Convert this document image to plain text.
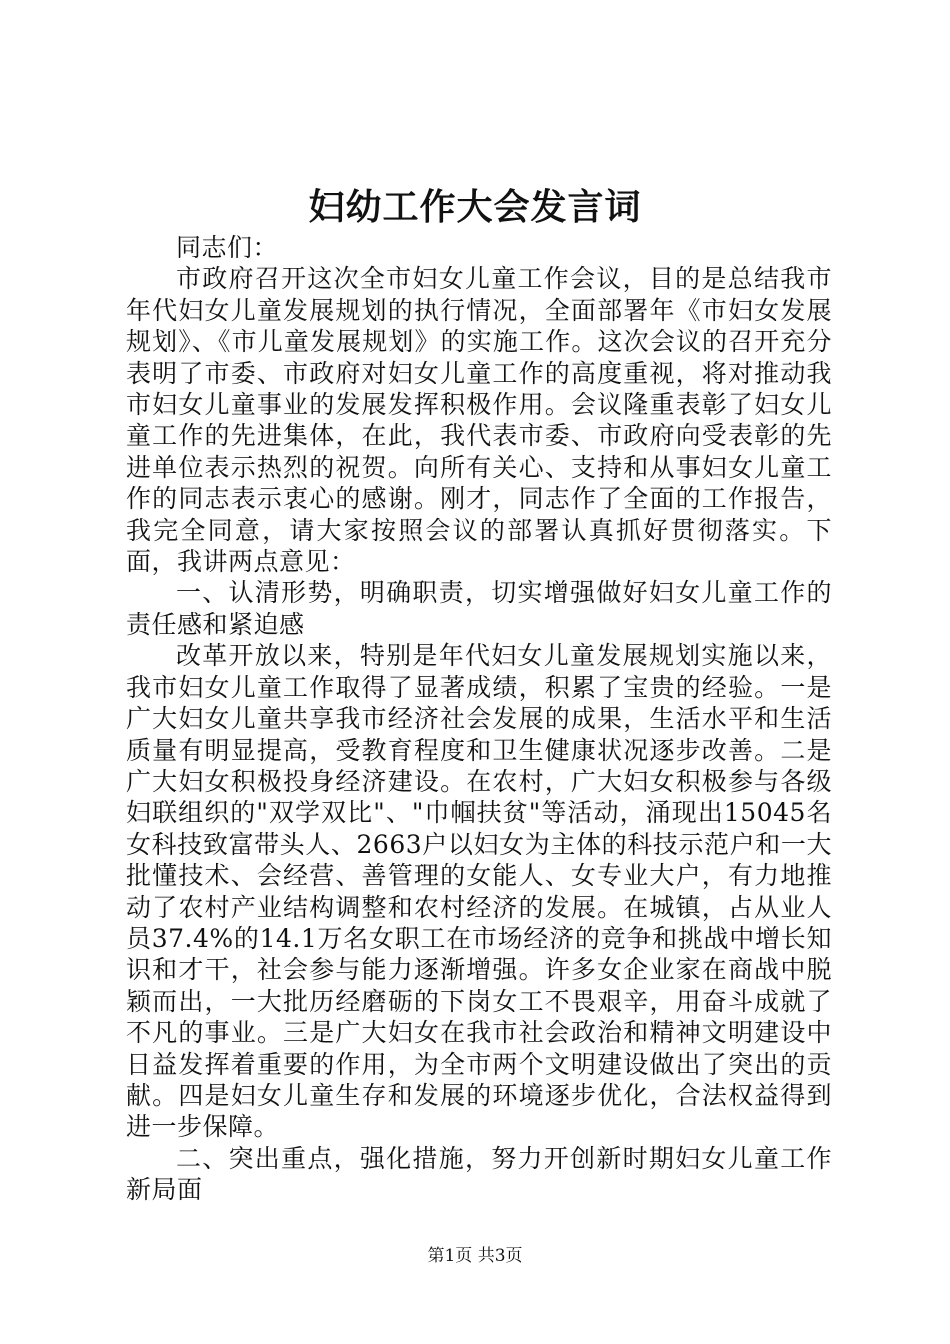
妇幼工作大会发言词

同志们：

市政府召开这次全市妇女儿童工作会议，目的是总结我市年代妇女儿童发展规划的执行情况，全面部署年《市妇女发展规划》、《市儿童发展规划》的实施工作。这次会议的召开充分表明了市委、市政府对妇女儿童工作的高度重视，将对推动我市妇女儿童事业的发展发挥积极作用。会议隆重表彰了妇女儿童工作的先进集体，在此，我代表市委、市政府向受表彰的先进单位表示热烈的祝贺。向所有关心、支持和从事妇女儿童工作的同志表示衷心的感谢。刚才，同志作了全面的工作报告，我完全同意，请大家按照会议的部署认真抓好贯彻落实。下面，我讲两点意见：

一、认清形势，明确职责，切实增强做好妇女儿童工作的责任感和紧迫感

改革开放以来，特别是年代妇女儿童发展规划实施以来，我市妇女儿童工作取得了显著成绩，积累了宝贵的经验。一是广大妇女儿童共享我市经济社会发展的成果，生活水平和生活质量有明显提高，受教育程度和卫生健康状况逐步改善。二是广大妇女积极投身经济建设。在农村，广大妇女积极参与各级妇联组织的"双学双比"、"巾帼扶贫"等活动，涌现出15045名女科技致富带头人、2663户以妇女为主体的科技示范户和一大批懂技术、会经营、善管理的女能人、女专业大户，有力地推动了农村产业结构调整和农村经济的发展。在城镇，占从业人员37.4%的14.1万名女职工在市场经济的竞争和挑战中增长知识和才干，社会参与能力逐渐增强。许多女企业家在商战中脱颖而出，一大批历经磨砺的下岗女工不畏艰辛，用奋斗成就了不凡的事业。三是广大妇女在我市社会政治和精神文明建设中日益发挥着重要的作用，为全市两个文明建设做出了突出的贡献。四是妇女儿童生存和发展的环境逐步优化，合法权益得到进一步保障。

二、突出重点，强化措施，努力开创新时期妇女儿童工作新局面

第1页 共3页
